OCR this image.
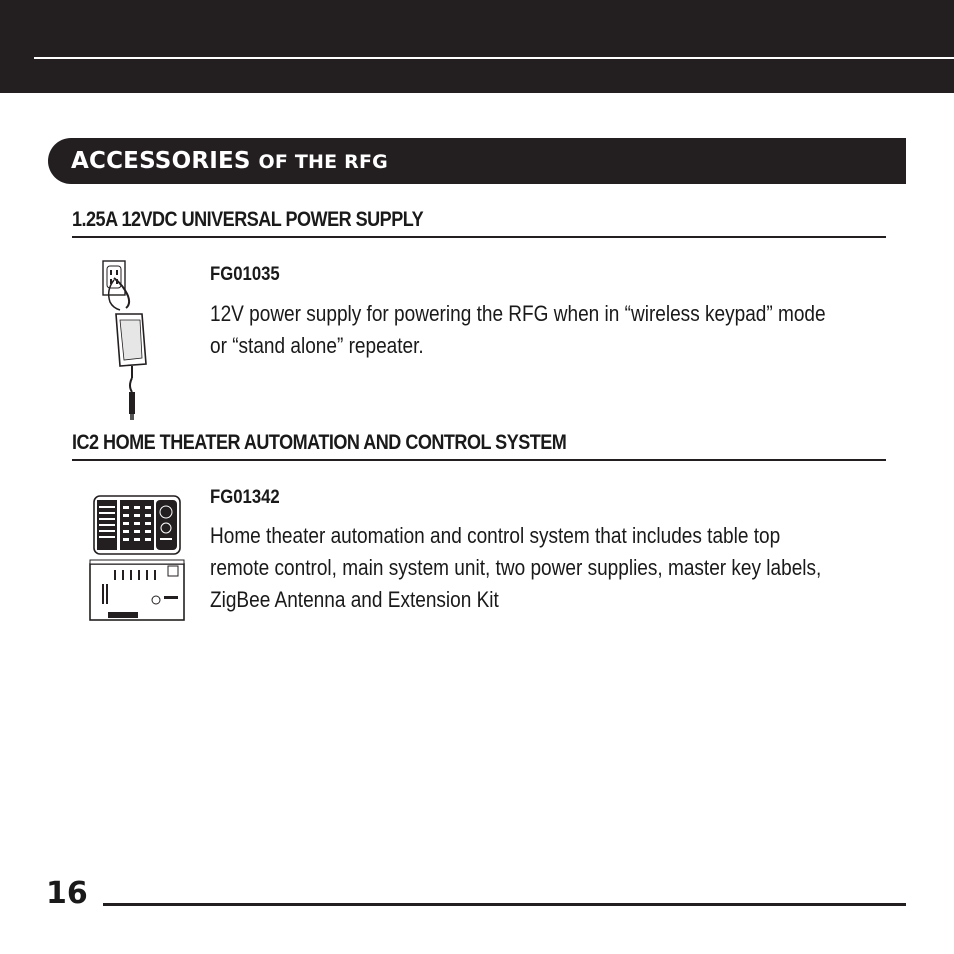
ACCESSORIES OF THE RFG
1.25A 12VDC UNIVERSAL POWER SUPPLY
FG01035
12V power supply for powering the RFG when in “wireless keypad” mode
or “stand alone” repeater.
IC2 HOME THEATER AUTOMATION AND CONTROL SYSTEM
FG01342
Home theater automation and control system that includes table top
remote control, main system unit, two power supplies, master key labels,
ZigBee Antenna and Extension Kit
16
